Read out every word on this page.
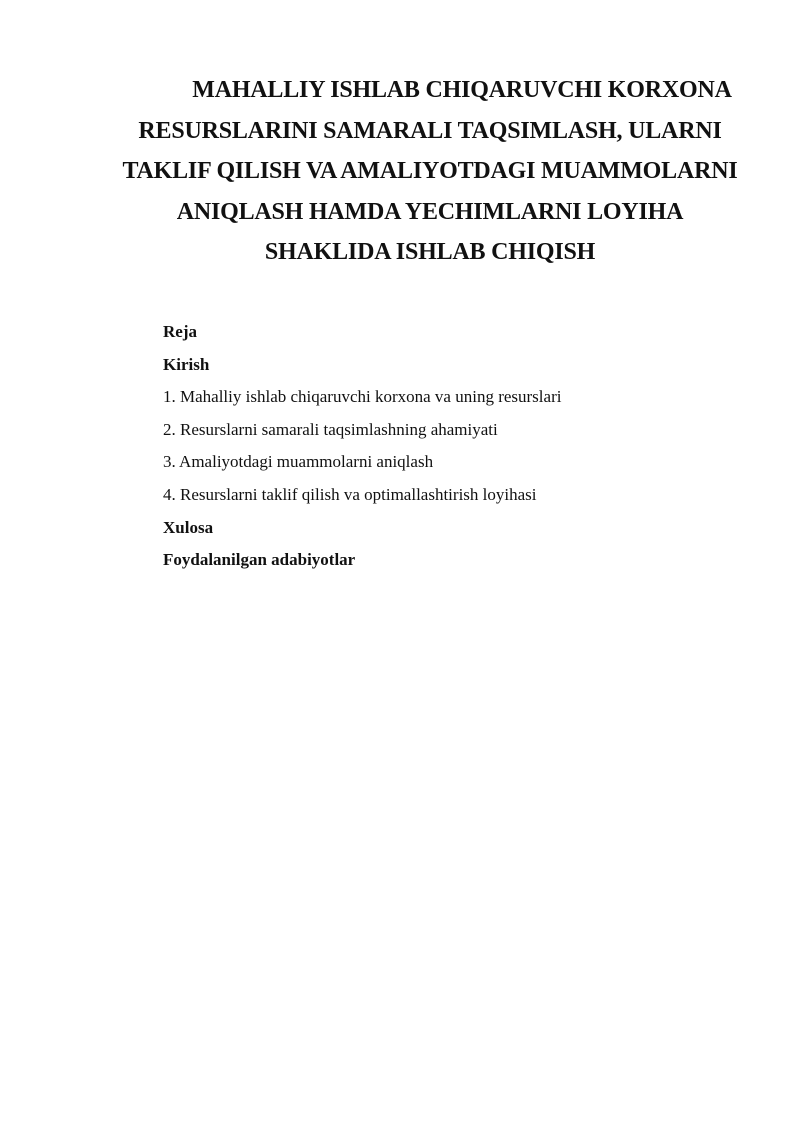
MAHALLIY ISHLAB CHIQARUVCHI KORXONA
RESURSLARINI SAMARALI TAQSIMLASH, ULARNI
TAKLIF QILISH VA AMALIYOTDAGI MUAMMOLARNI
ANIQLASH HAMDA YECHIMLARNI LOYIHA
SHAKLIDA ISHLAB CHIQISH
Reja
Kirish
1. Mahalliy ishlab chiqaruvchi korxona va uning resurslari
2. Resurslarni samarali taqsimlashning ahamiyati
3. Amaliyotdagi muammolarni aniqlash
4. Resurslarni taklif qilish va optimallashtirish loyihasi
Xulosa
Foydalanilgan adabiyotlar
